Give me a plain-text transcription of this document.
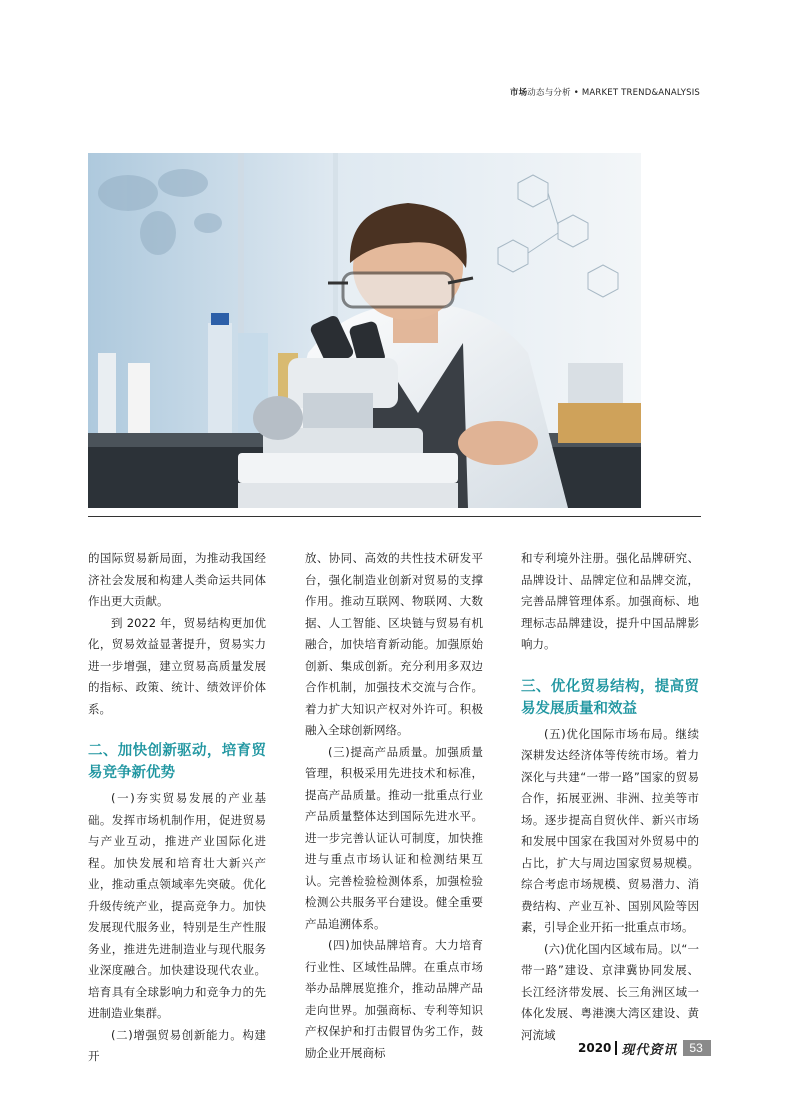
市场动态与分析 • MARKET TREND&ANALYSIS

的国际贸易新局面，为推动我国经济社会发展和构建人类命运共同体作出更大贡献。

到 2022 年，贸易结构更加优化，贸易效益显著提升，贸易实力进一步增强，建立贸易高质量发展的指标、政策、统计、绩效评价体系。

二、加快创新驱动，培育贸易竞争新优势

(一)夯实贸易发展的产业基础。发挥市场机制作用，促进贸易与产业互动，推进产业国际化进程。加快发展和培育壮大新兴产业，推动重点领域率先突破。优化升级传统产业，提高竞争力。加快发展现代服务业，特别是生产性服务业，推进先进制造业与现代服务业深度融合。加快建设现代农业。培育具有全球影响力和竞争力的先进制造业集群。

(二)增强贸易创新能力。构建开

放、协同、高效的共性技术研发平台，强化制造业创新对贸易的支撑作用。推动互联网、物联网、大数据、人工智能、区块链与贸易有机融合，加快培育新动能。加强原始创新、集成创新。充分利用多双边合作机制，加强技术交流与合作。着力扩大知识产权对外许可。积极融入全球创新网络。

(三)提高产品质量。加强质量管理，积极采用先进技术和标准，提高产品质量。推动一批重点行业产品质量整体达到国际先进水平。进一步完善认证认可制度，加快推进与重点市场认证和检测结果互认。完善检验检测体系，加强检验检测公共服务平台建设。健全重要产品追溯体系。

(四)加快品牌培育。大力培育行业性、区域性品牌。在重点市场举办品牌展览推介，推动品牌产品走向世界。加强商标、专利等知识产权保护和打击假冒伪劣工作，鼓励企业开展商标

和专利境外注册。强化品牌研究、品牌设计、品牌定位和品牌交流，完善品牌管理体系。加强商标、地理标志品牌建设，提升中国品牌影响力。

三、优化贸易结构，提高贸易发展质量和效益

(五)优化国际市场布局。继续深耕发达经济体等传统市场。着力深化与共建“一带一路”国家的贸易合作，拓展亚洲、非洲、拉美等市场。逐步提高自贸伙伴、新兴市场和发展中国家在我国对外贸易中的占比，扩大与周边国家贸易规模。综合考虑市场规模、贸易潜力、消费结构、产业互补、国别风险等因素，引导企业开拓一批重点市场。

(六)优化国内区域布局。以“一带一路”建设、京津冀协同发展、长江经济带发展、长三角洲区域一体化发展、粤港澳大湾区建设、黄河流域

2020 现代资讯	53
